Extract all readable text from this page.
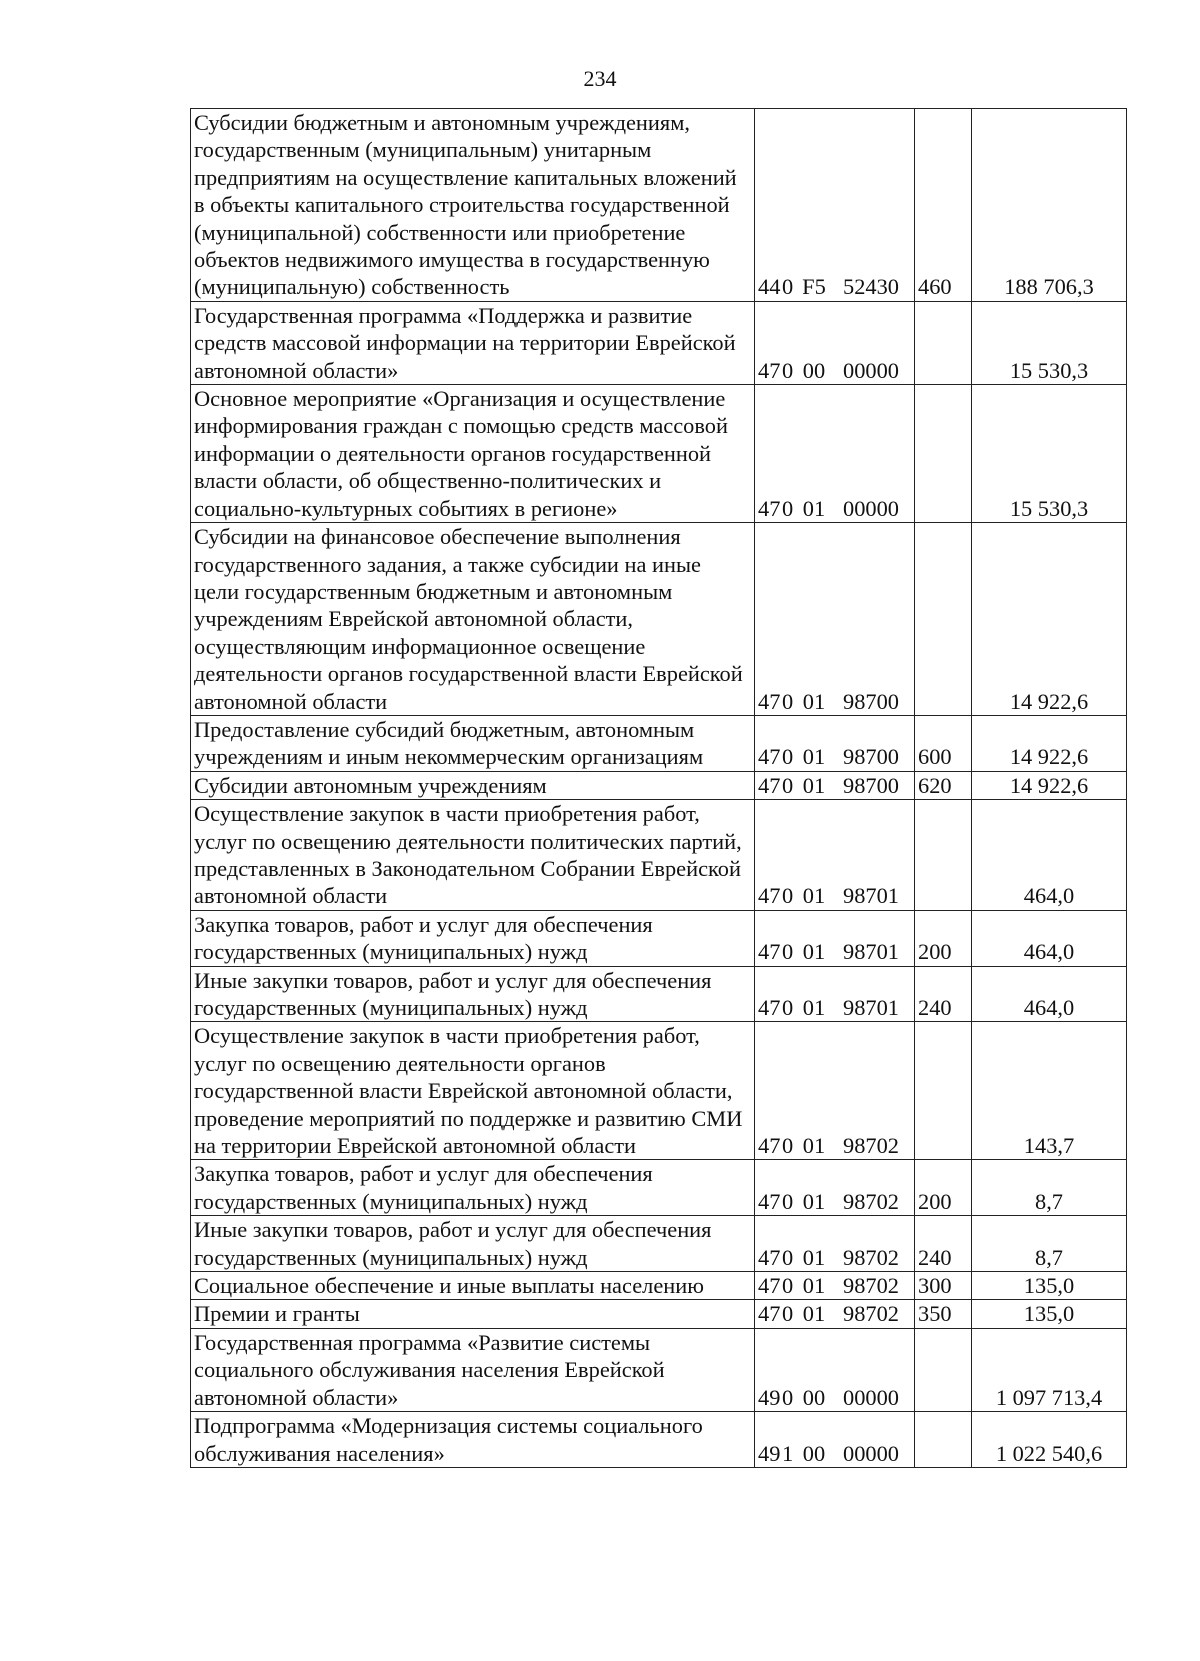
234
Субсидии бюджетным и автономным учреждениям, государственным (муниципальным) унитарным предприятиям на осуществление капитальных вложений в объекты капитального строительства государственной (муниципальной) собственности или приобретение объектов недвижимого имущества в государственную (муниципальную) собственность	440 F5 52430	460	188 706,3
Государственная программа «Поддержка и развитие средств массовой информации на территории Еврейской автономной области»	470 00 00000		15 530,3
Основное мероприятие «Организация и осуществление информирования граждан с помощью средств массовой информации о деятельности органов государственной власти области, об общественно-политических и социально-культурных событиях в регионе»	470 01 00000		15 530,3
Субсидии на финансовое обеспечение выполнения государственного задания, а также субсидии на иные цели государственным бюджетным и автономным учреждениям Еврейской автономной области, осуществляющим информационное освещение деятельности органов государственной власти Еврейской автономной области	470 01 98700		14 922,6
Предоставление субсидий бюджетным, автономным учреждениям и иным некоммерческим организациям	470 01 98700	600	14 922,6
Субсидии автономным учреждениям	470 01 98700	620	14 922,6
Осуществление закупок в части приобретения работ, услуг по освещению деятельности политических партий, представленных в Законодательном Собрании Еврейской автономной области	470 01 98701		464,0
Закупка товаров, работ и услуг для обеспечения государственных (муниципальных) нужд	470 01 98701	200	464,0
Иные закупки товаров, работ и услуг для обеспечения государственных (муниципальных) нужд	470 01 98701	240	464,0
Осуществление закупок в части приобретения работ, услуг по освещению деятельности органов государственной власти Еврейской автономной области, проведение мероприятий по поддержке и развитию СМИ на территории Еврейской автономной области	470 01 98702		143,7
Закупка товаров, работ и услуг для обеспечения государственных (муниципальных) нужд	470 01 98702	200	8,7
Иные закупки товаров, работ и услуг для обеспечения государственных (муниципальных) нужд	470 01 98702	240	8,7
Социальное обеспечение и иные выплаты населению	470 01 98702	300	135,0
Премии и гранты	470 01 98702	350	135,0
Государственная программа «Развитие системы социального обслуживания населения Еврейской автономной области»	490 00 00000		1 097 713,4
Подпрограмма «Модернизация системы социального обслуживания населения»	491 00 00000		1 022 540,6
